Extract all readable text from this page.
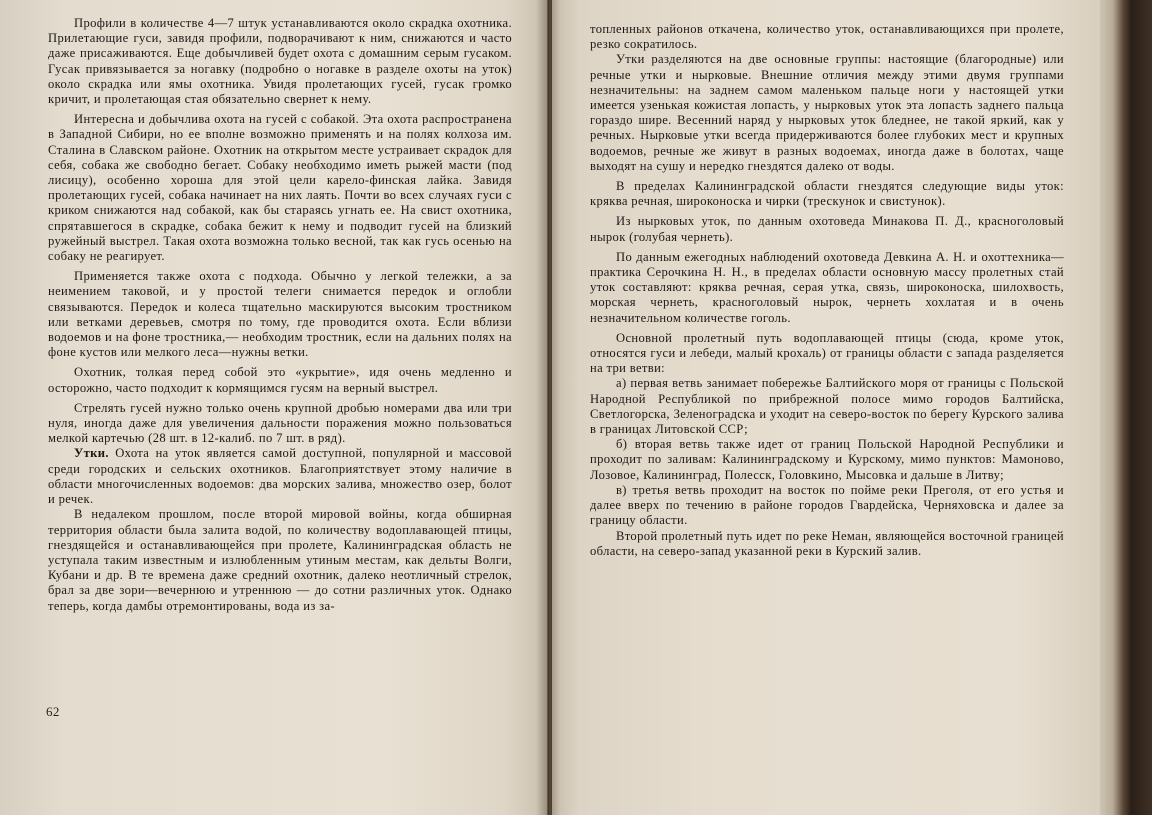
Профили в количестве 4—7 штук устанавливаются около скрадка охотника. Прилетающие гуси, завидя профили, подворачивают к ним, снижаются и часто даже присаживаются. Еще добычливей будет охота с домашним серым гусаком. Гусак привязывается за ногавку (подробно о ногавке в разделе охоты на уток) около скрадка или ямы охотника. Увидя пролетающих гусей, гусак громко кричит, и пролетающая стая обязательно свернет к нему.

Интересна и добычлива охота на гусей с собакой. Эта охота распространена в Западной Сибири, но ее вполне возможно применять и на полях колхоза им. Сталина в Славском районе. Охотник на открытом месте устраивает скрадок для себя, собака же свободно бегает. Собаку необходимо иметь рыжей масти (под лисицу), особенно хороша для этой цели карело-финская лайка. Завидя пролетающих гусей, собака начинает на них лаять. Почти во всех случаях гуси с криком снижаются над собакой, как бы стараясь угнать ее. На свист охотника, спрятавшегося в скрадке, собака бежит к нему и подводит гусей на близкий ружейный выстрел. Такая охота возможна только весной, так как гусь осенью на собаку не реагирует.

Применяется также охота с подхода. Обычно у легкой тележки, а за неимением таковой, и у простой телеги снимается передок и оглобли связываются. Передок и колеса тщательно маскируются высоким тростником или ветками деревьев, смотря по тому, где проводится охота. Если вблизи водоемов и на фоне тростника,— необходим тростник, если на дальних полях на фоне кустов или мелкого леса—нужны ветки.

Охотник, толкая перед собой это «укрытие», идя очень медленно и осторожно, часто подходит к кормящимся гусям на верный выстрел.

Стрелять гусей нужно только очень крупной дробью номерами два или три нуля, иногда даже для увеличения дальности поражения можно пользоваться мелкой картечью (28 шт. в 12-калиб. по 7 шт. в ряд).

Утки. Охота на уток является самой доступной, популярной и массовой среди городских и сельских охотников. Благоприятствует этому наличие в области многочисленных водоемов: два морских залива, множество озер, болот и речек.

В недалеком прошлом, после второй мировой войны, когда обширная территория области была залита водой, по количеству водоплавающей птицы, гнездящейся и останавливающейся при пролете, Калининградская область не уступала таким известным и излюбленным утиным местам, как дельты Волги, Кубани и др. В те времена даже средний охотник, далеко неотличный стрелок, брал за две зори—вечернюю и утреннюю — до сотни различных уток. Однако теперь, когда дамбы отремонтированы, вода из за-

62

топленных районов откачена, количество уток, останавливающихся при пролете, резко сократилось.

Утки разделяются на две основные группы: настоящие (благородные) или речные утки и нырковые. Внешние отличия между этими двумя группами незначительны: на заднем самом маленьком пальце ноги у настоящей утки имеется узенькая кожистая лопасть, у нырковых уток эта лопасть заднего пальца гораздо шире. Весенний наряд у нырковых уток бледнее, не такой яркий, как у речных. Нырковые утки всегда придерживаются более глубоких мест и крупных водоемов, речные же живут в разных водоемах, иногда даже в болотах, чаще выходят на сушу и нередко гнездятся далеко от воды.

В пределах Калининградской области гнездятся следующие виды уток: кряква речная, широконоска и чирки (трескунок и свистунок).

Из нырковых уток, по данным охотоведа Минакова П. Д., красноголовый нырок (голубая чернеть).

По данным ежегодных наблюдений охотоведа Девкина А. Н. и охоттехника—практика Серочкина Н. Н., в пределах области основную массу пролетных стай уток составляют: кряква речная, серая утка, связь, широконоска, шилохвость, морская чернеть, красноголовый нырок, чернеть хохлатая и в очень незначительном количестве гоголь.

Основной пролетный путь водоплавающей птицы (сюда, кроме уток, относятся гуси и лебеди, малый крохаль) от границы области с запада разделяется на три ветви:

а) первая ветвь занимает побережье Балтийского моря от границы с Польской Народной Республикой по прибрежной полосе мимо городов Балтийска, Светлогорска, Зеленоградска и уходит на северо-восток по берегу Курского залива в границах Литовской ССР;

б) вторая ветвь также идет от границ Польской Народной Республики и проходит по заливам: Калининградскому и Курскому, мимо пунктов: Мамоново, Лозовое, Калининград, Полесск, Головкино, Мысовка и дальше в Литву;

в) третья ветвь проходит на восток по пойме реки Преголя, от его устья и далее вверх по течению в районе городов Гвардейска, Черняховска и далее за границу области.

Второй пролетный путь идет по реке Неман, являющейся восточной границей области, на северо-запад указанной реки в Курский залив.
